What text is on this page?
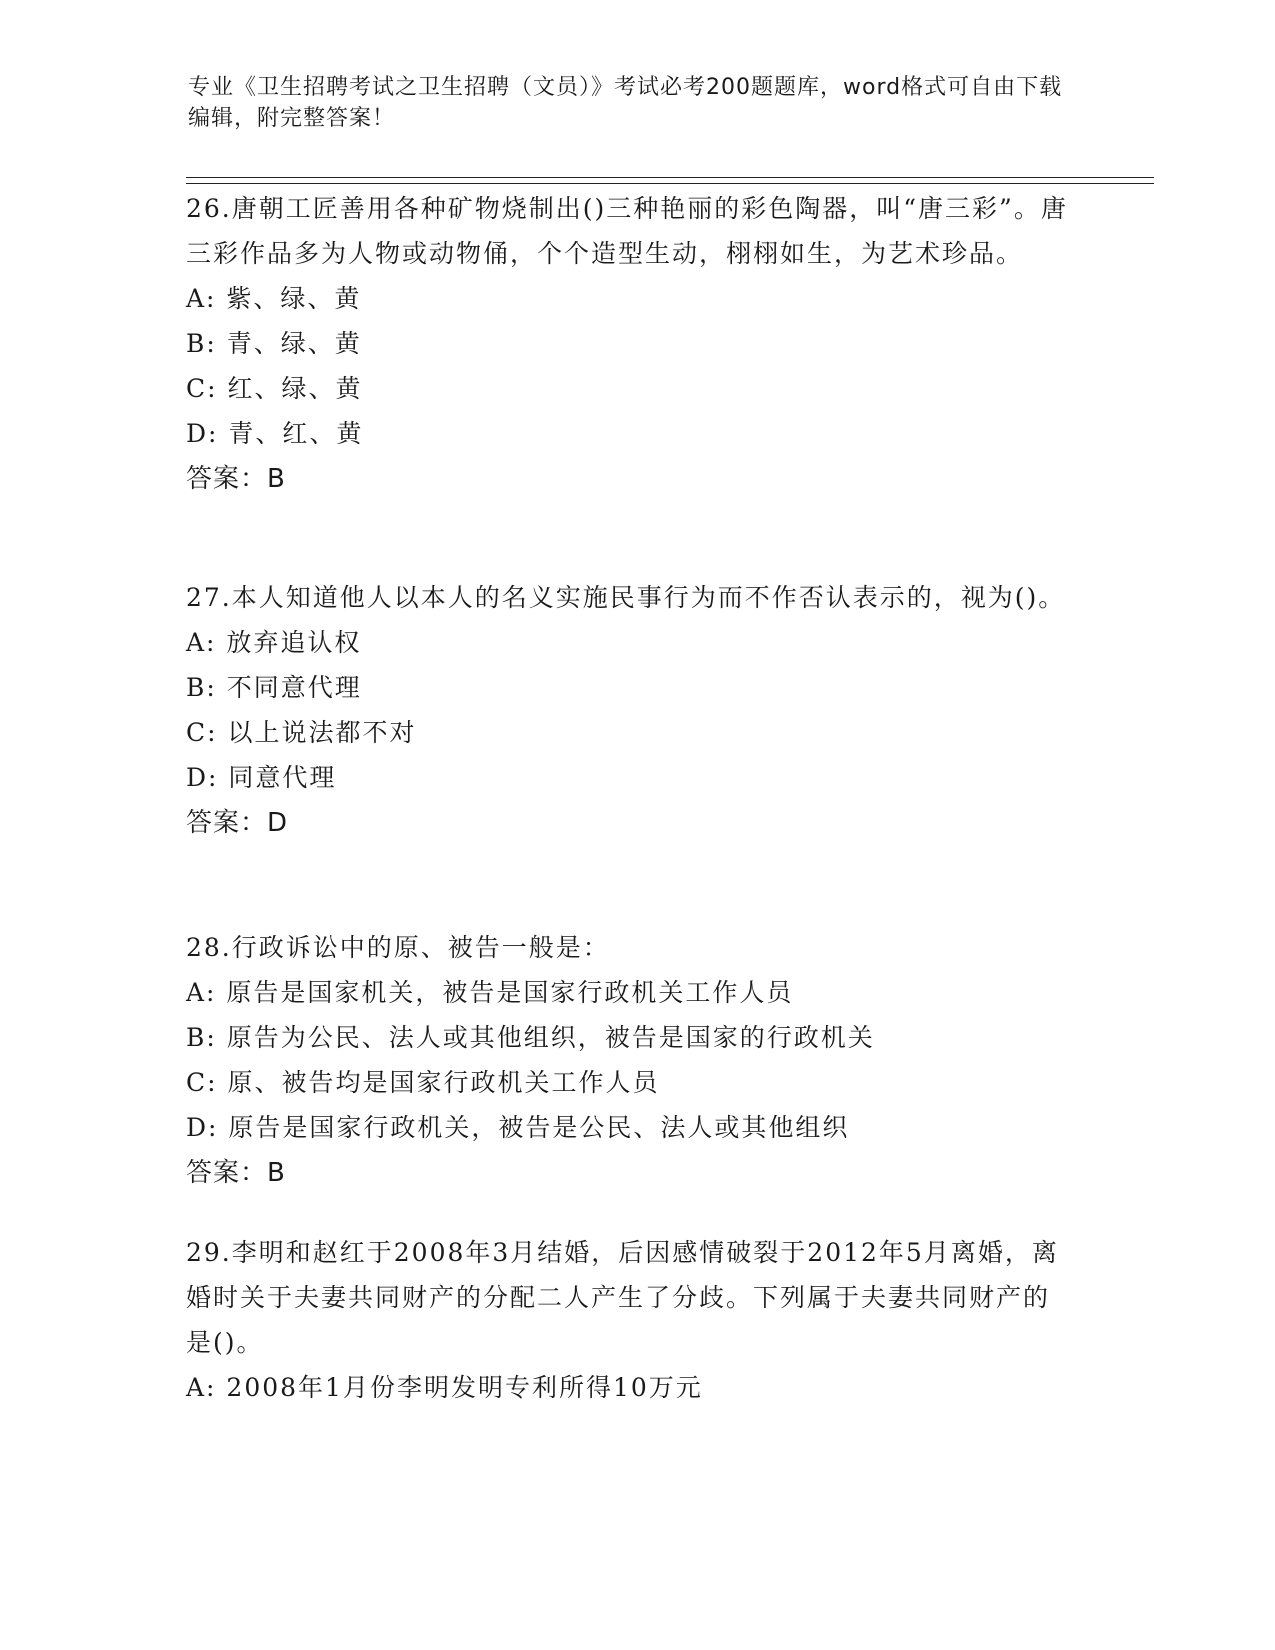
专业《卫生招聘考试之卫生招聘（文员）》考试必考200题题库，word格式可自由下载编辑，附完整答案！

26.唐朝工匠善用各种矿物烧制出()三种艳丽的彩色陶器，叫“唐三彩”。唐三彩作品多为人物或动物俑，个个造型生动，栩栩如生，为艺术珍品。

A: 紫、绿、黄
B: 青、绿、黄
C: 红、绿、黄
D: 青、红、黄
答案：B

27.本人知道他人以本人的名义实施民事行为而不作否认表示的，视为()。

A: 放弃追认权
B: 不同意代理
C: 以上说法都不对
D: 同意代理
答案：D

28.行政诉讼中的原、被告一般是：

A: 原告是国家机关，被告是国家行政机关工作人员
B: 原告为公民、法人或其他组织，被告是国家的行政机关
C: 原、被告均是国家行政机关工作人员
D: 原告是国家行政机关，被告是公民、法人或其他组织
答案：B

29.李明和赵红于2008年3月结婚，后因感情破裂于2012年5月离婚，离婚时关于夫妻共同财产的分配二人产生了分歧。下列属于夫妻共同财产的是()。

A: 2008年1月份李明发明专利所得10万元
